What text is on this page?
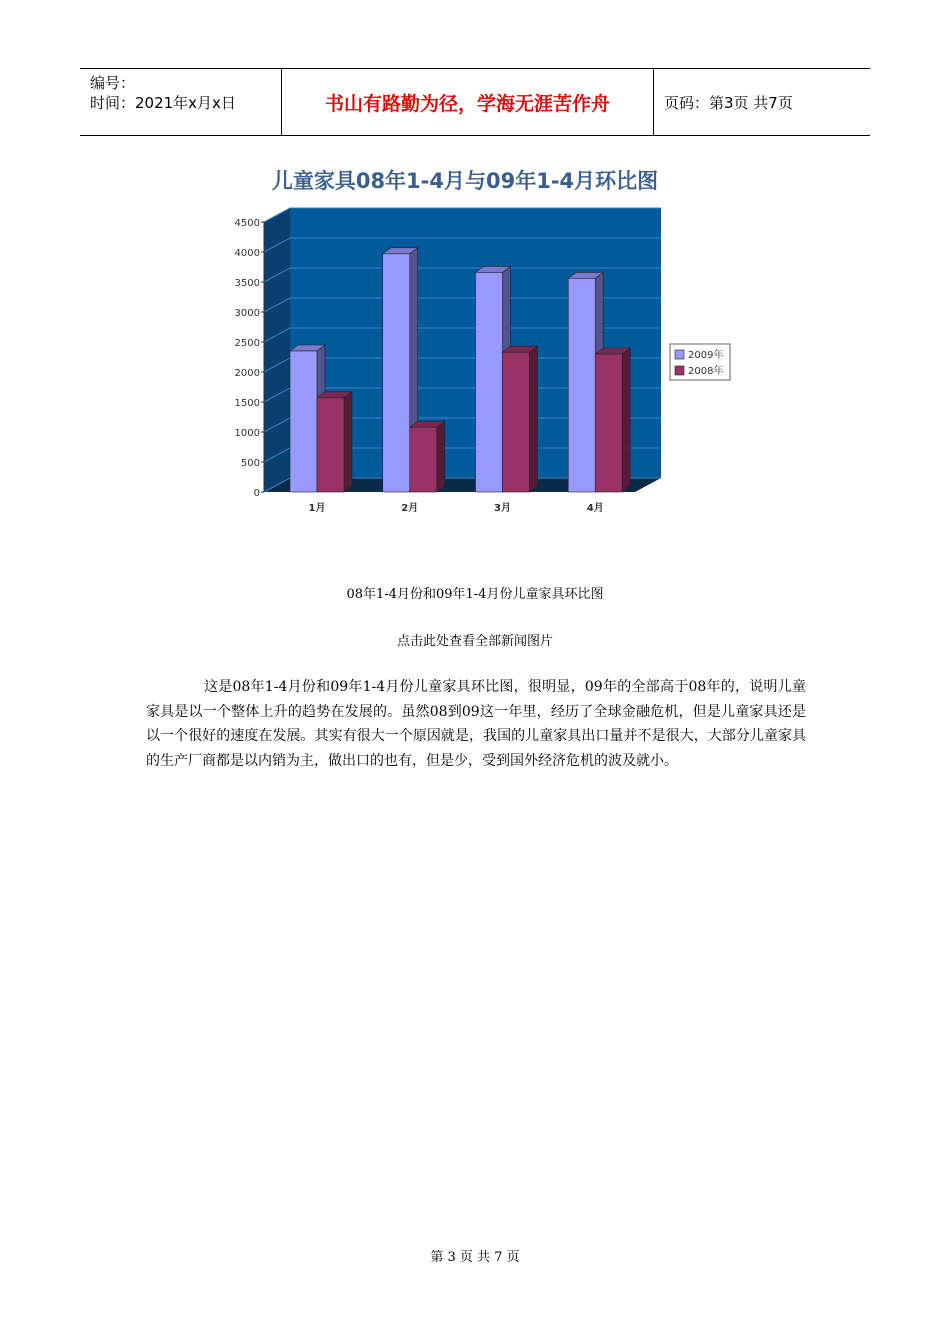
编号：
时间：2021年x月x日	书山有路勤为径，学海无涯苦作舟	页码：第3页 共7页
儿童家具08年1-4月与09年1-4月环比图
0
500
1000
1500
2000
2500
3000
3500
4000
4500
1月	2月	3月	4月
2009年
2008年
08年1-4月份和09年1-4月份儿童家具环比图
点击此处查看全部新闻图片
这是08年1-4月份和09年1-4月份儿童家具环比图，很明显，09年的全部高于08年的，说明儿童家具是以一个整体上升的趋势在发展的。虽然08到09这一年里，经历了全球金融危机，但是儿童家具还是以一个很好的速度在发展。其实有很大一个原因就是，我国的儿童家具出口量并不是很大，大部分儿童家具的生产厂商都是以内销为主，做出口的也有，但是少，受到国外经济危机的波及就小。
第 3 页 共 7 页
